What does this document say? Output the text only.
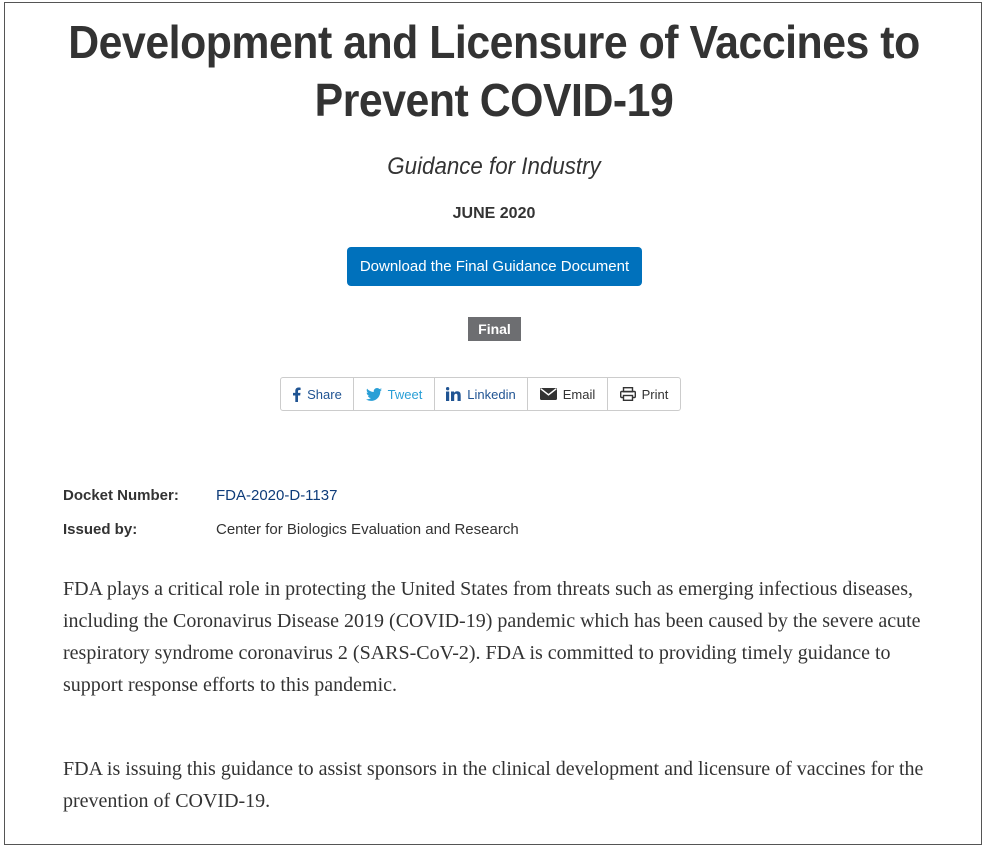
Development and Licensure of Vaccines to Prevent COVID-19
Guidance for Industry
JUNE 2020
Download the Final Guidance Document
Final
Share	Tweet	Linkedin	Email	Print
Docket Number: FDA-2020-D-1137
Issued by:	Center for Biologics Evaluation and Research

FDA plays a critical role in protecting the United States from threats such as emerging infectious diseases, including the Coronavirus Disease 2019 (COVID-19) pandemic which has been caused by the severe acute respiratory syndrome coronavirus 2 (SARS-CoV-2). FDA is committed to providing timely guidance to support response efforts to this pandemic.

FDA is issuing this guidance to assist sponsors in the clinical development and licensure of vaccines for the prevention of COVID-19.
